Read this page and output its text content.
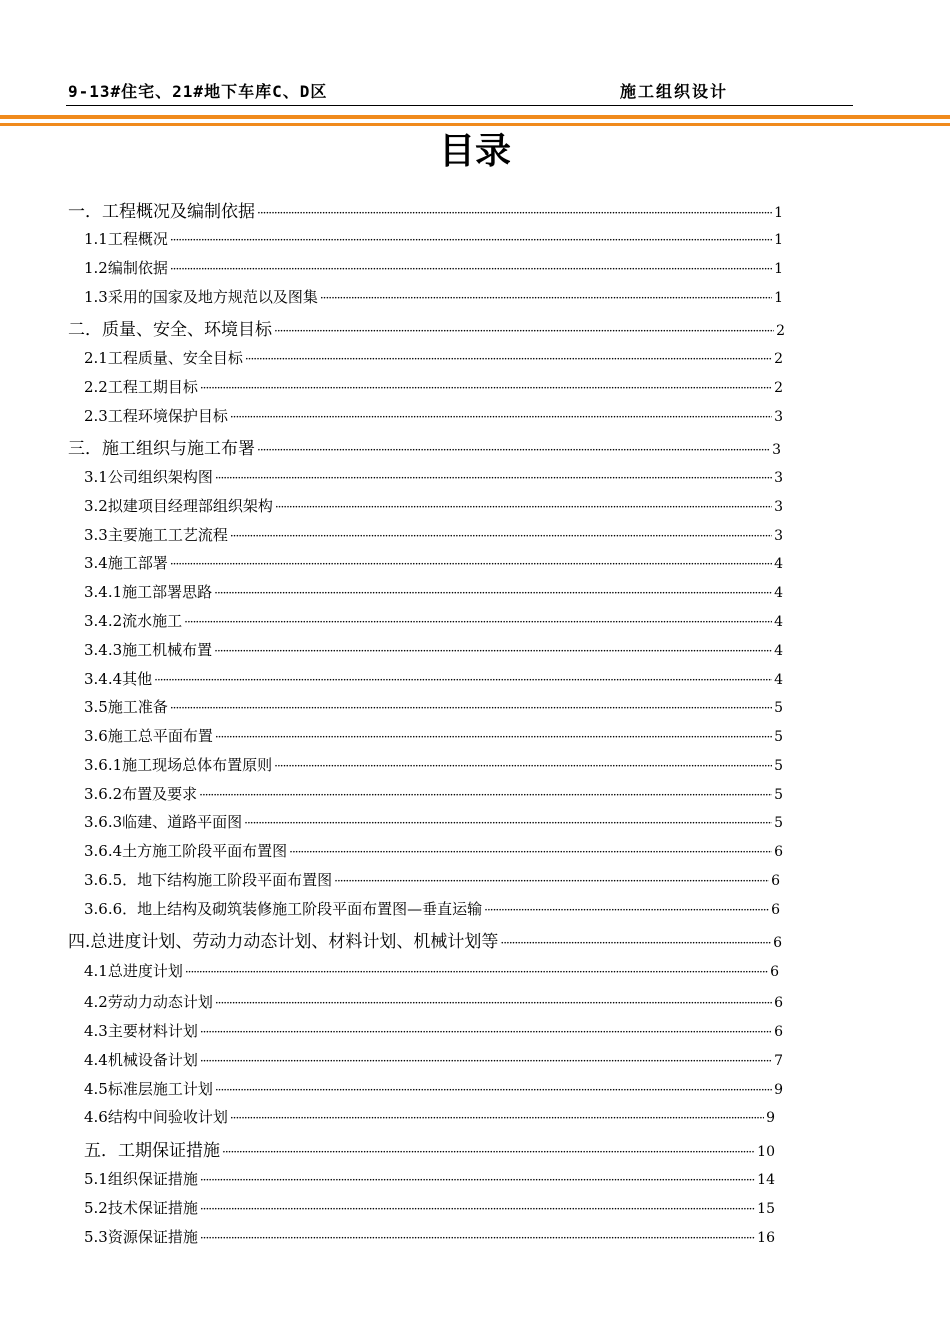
9-13#住宅、21#地下车库C、D区	施工组织设计
目录
一．工程概况及编制依据 ·····	1
1.1工程概况 ·····	1
1.2编制依据 ·····	1
1.3采用的国家及地方规范以及图集 ·····	1
二．质量、安全、环境目标 ·····	2
2.1工程质量、安全目标 ·····	2
2.2工程工期目标 ·····	2
2.3工程环境保护目标 ·····	3
三．施工组织与施工布署 ·····	3
3.1公司组织架构图 ·····	3
3.2拟建项目经理部组织架构 ·····	3
3.3主要施工工艺流程 ·····	3
3.4施工部署 ·····	4
3.4.1施工部署思路 ·····	4
3.4.2流水施工 ·····	4
3.4.3施工机械布置 ·····	4
3.4.4其他 ·····	4
3.5施工准备 ·····	5
3.6施工总平面布置 ·····	5
3.6.1施工现场总体布置原则 ·····	5
3.6.2布置及要求 ·····	5
3.6.3临建、道路平面图 ·····	5
3.6.4土方施工阶段平面布置图 ·····	6
3.6.5．地下结构施工阶段平面布置图 ·····	6
3.6.6．地上结构及砌筑装修施工阶段平面布置图—垂直运输 ·····	6
四.总进度计划、劳动力动态计划、材料计划、机械计划等 ·····	6
4.1总进度计划 ·····	6
4.2劳动力动态计划 ·····	6
4.3主要材料计划 ·····	6
4.4机械设备计划 ·····	7
4.5标准层施工计划 ·····	9
4.6结构中间验收计划 ·····	9
五．工期保证措施 ·····	10
5.1组织保证措施 ·····	14
5.2技术保证措施 ·····	15
5.3资源保证措施 ·····	16
